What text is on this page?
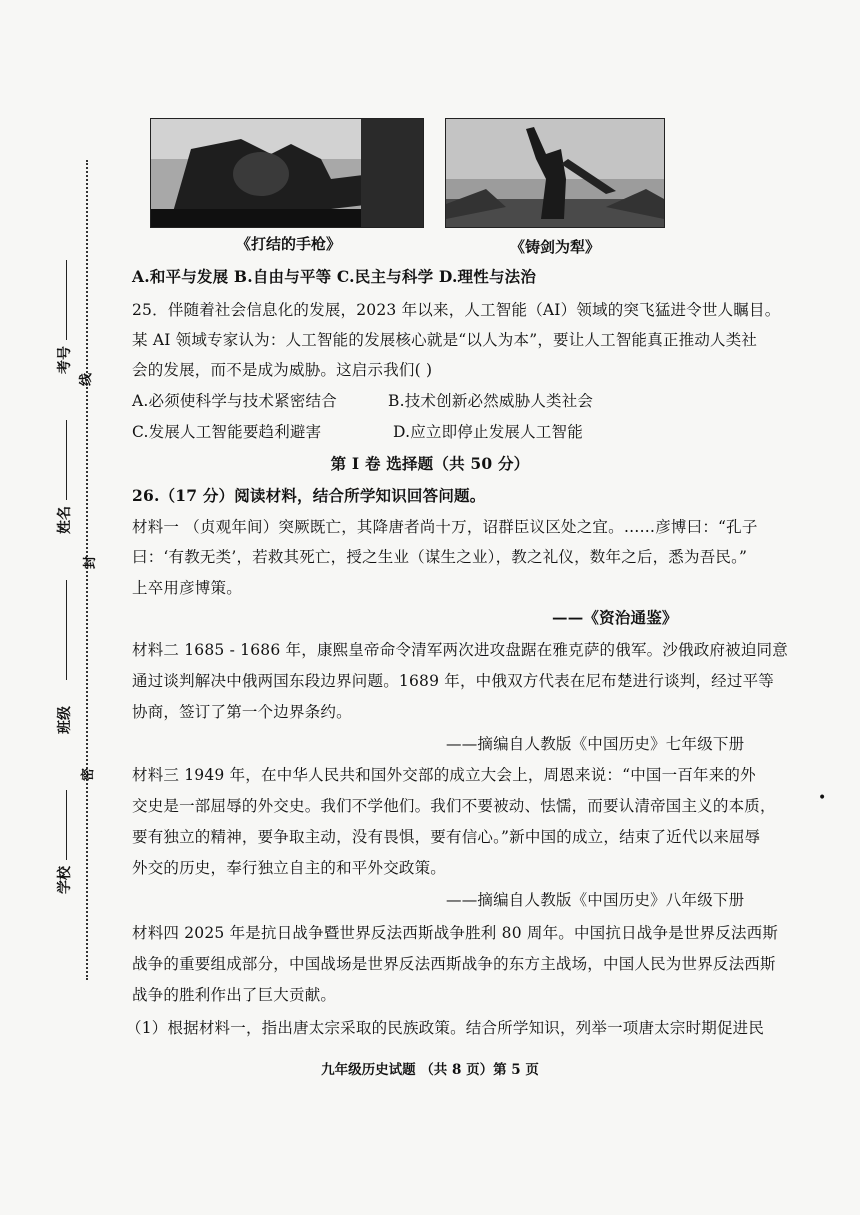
考号
线
姓名
封
班级
密
学校
《打结的手枪》	《铸剑为犁》
A.和平与发展 B.自由与平等 C.民主与科学 D.理性与法治
25．伴随着社会信息化的发展，2023 年以来，人工智能（AI）领域的突飞猛进令世人瞩目。
某 AI 领域专家认为：人工智能的发展核心就是“以人为本”，要让人工智能真正推动人类社
会的发展，而不是成为威胁。这启示我们( )
A.必须使科学与技术紧密结合	B.技术创新必然威胁人类社会
C.发展人工智能要趋利避害	D.应立即停止发展人工智能
第 I 卷 选择题（共 50 分）
26.（17 分）阅读材料，结合所学知识回答问题。
材料一 （贞观年间）突厥既亡，其降唐者尚十万，诏群臣议区处之宜。……彦博曰：“孔子
曰：‘有教无类’，若救其死亡，授之生业（谋生之业），教之礼仪，数年之后，悉为吾民。”
上卒用彦博策。
——《资治通鉴》
材料二 1685 - 1686 年，康熙皇帝命令清军两次进攻盘踞在雅克萨的俄军。沙俄政府被迫同意
通过谈判解决中俄两国东段边界问题。1689 年，中俄双方代表在尼布楚进行谈判，经过平等
协商，签订了第一个边界条约。
——摘编自人教版《中国历史》七年级下册
材料三 1949 年，在中华人民共和国外交部的成立大会上，周恩来说：“中国一百年来的外
交史是一部屈辱的外交史。我们不学他们。我们不要被动、怯懦，而要认清帝国主义的本质，
要有独立的精神，要争取主动，没有畏惧，要有信心。”新中国的成立，结束了近代以来屈辱
外交的历史，奉行独立自主的和平外交政策。
——摘编自人教版《中国历史》八年级下册
材料四 2025 年是抗日战争暨世界反法西斯战争胜利 80 周年。中国抗日战争是世界反法西斯
战争的重要组成部分，中国战场是世界反法西斯战争的东方主战场，中国人民为世界反法西斯
战争的胜利作出了巨大贡献。
（1）根据材料一，指出唐太宗采取的民族政策。结合所学知识，列举一项唐太宗时期促进民
•
九年级历史试题 （共 8 页）第 5 页
